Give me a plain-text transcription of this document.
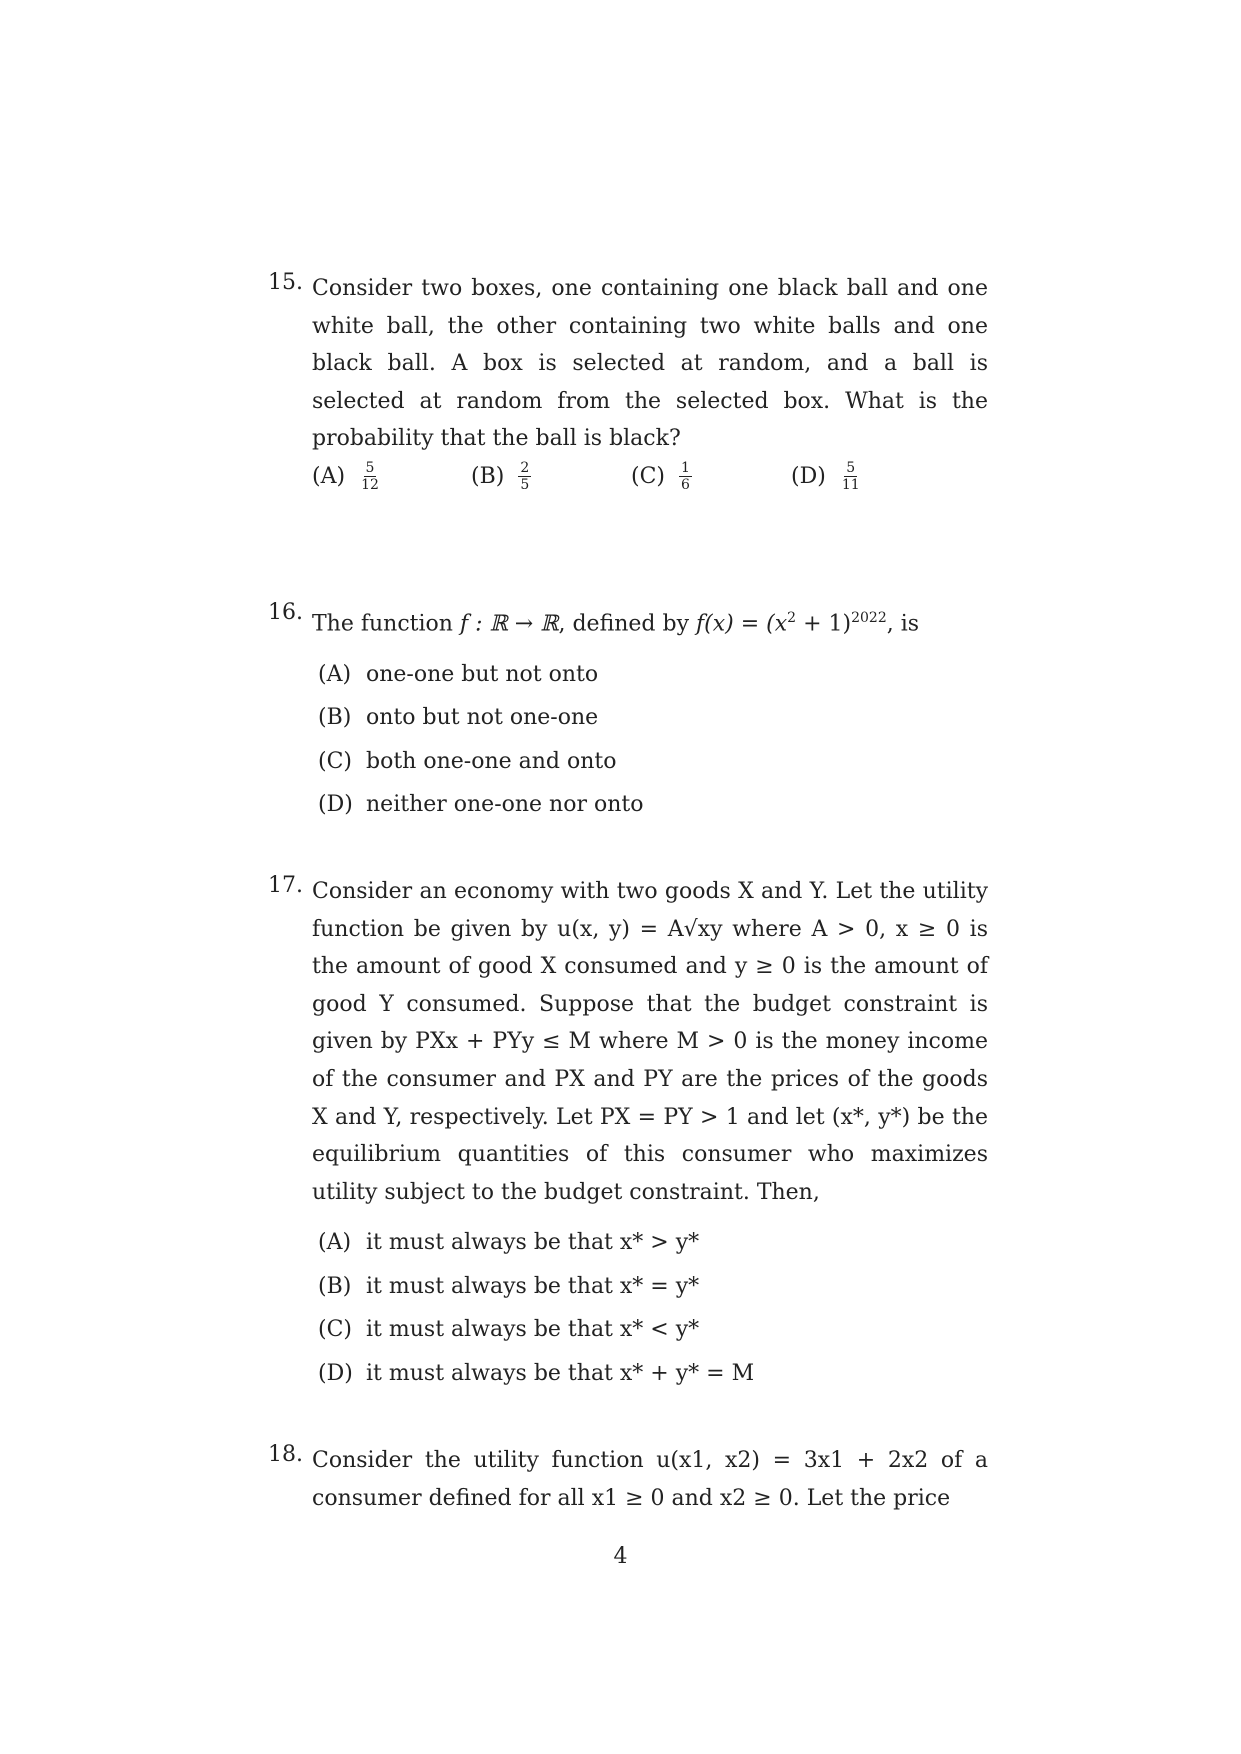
15. Consider two boxes, one containing one black ball and one white ball, the other containing two white balls and one black ball. A box is selected at random, and a ball is selected at random from the selected box. What is the probability that the ball is black?
$(A) \frac{5}{12}$	$(B) \frac{2}{5}$	$(C) \frac{1}{6}$	$(D) \frac{5}{11}$
16. The function f : ℝ → ℝ, defined by $f(x) = (x^2 + 1)^{2022}$, is
(A) one-one but not onto
(B) onto but not one-one
(C) both one-one and onto
(D) neither one-one nor onto
17. Consider an economy with two goods X and Y. Let the utility function be given by u(x, y) = A√xy where A > 0, x ≥ 0 is the amount of good X consumed and y ≥ 0 is the amount of good Y consumed. Suppose that the budget constraint is given by PXx + PYy ≤ M where M > 0 is the money income of the consumer and PX and PY are the prices of the goods X and Y, respectively. Let PX = PY > 1 and let (x*, y*) be the equilibrium quantities of this consumer who maximizes utility subject to the budget constraint. Then,
(A) it must always be that x* > y*
(B) it must always be that x* = y*
(C) it must always be that x* < y*
(D) it must always be that x* + y* = M
18. Consider the utility function u(x1, x2) = 3x1 + 2x2 of a consumer defined for all x1 ≥ 0 and x2 ≥ 0. Let the price
4
